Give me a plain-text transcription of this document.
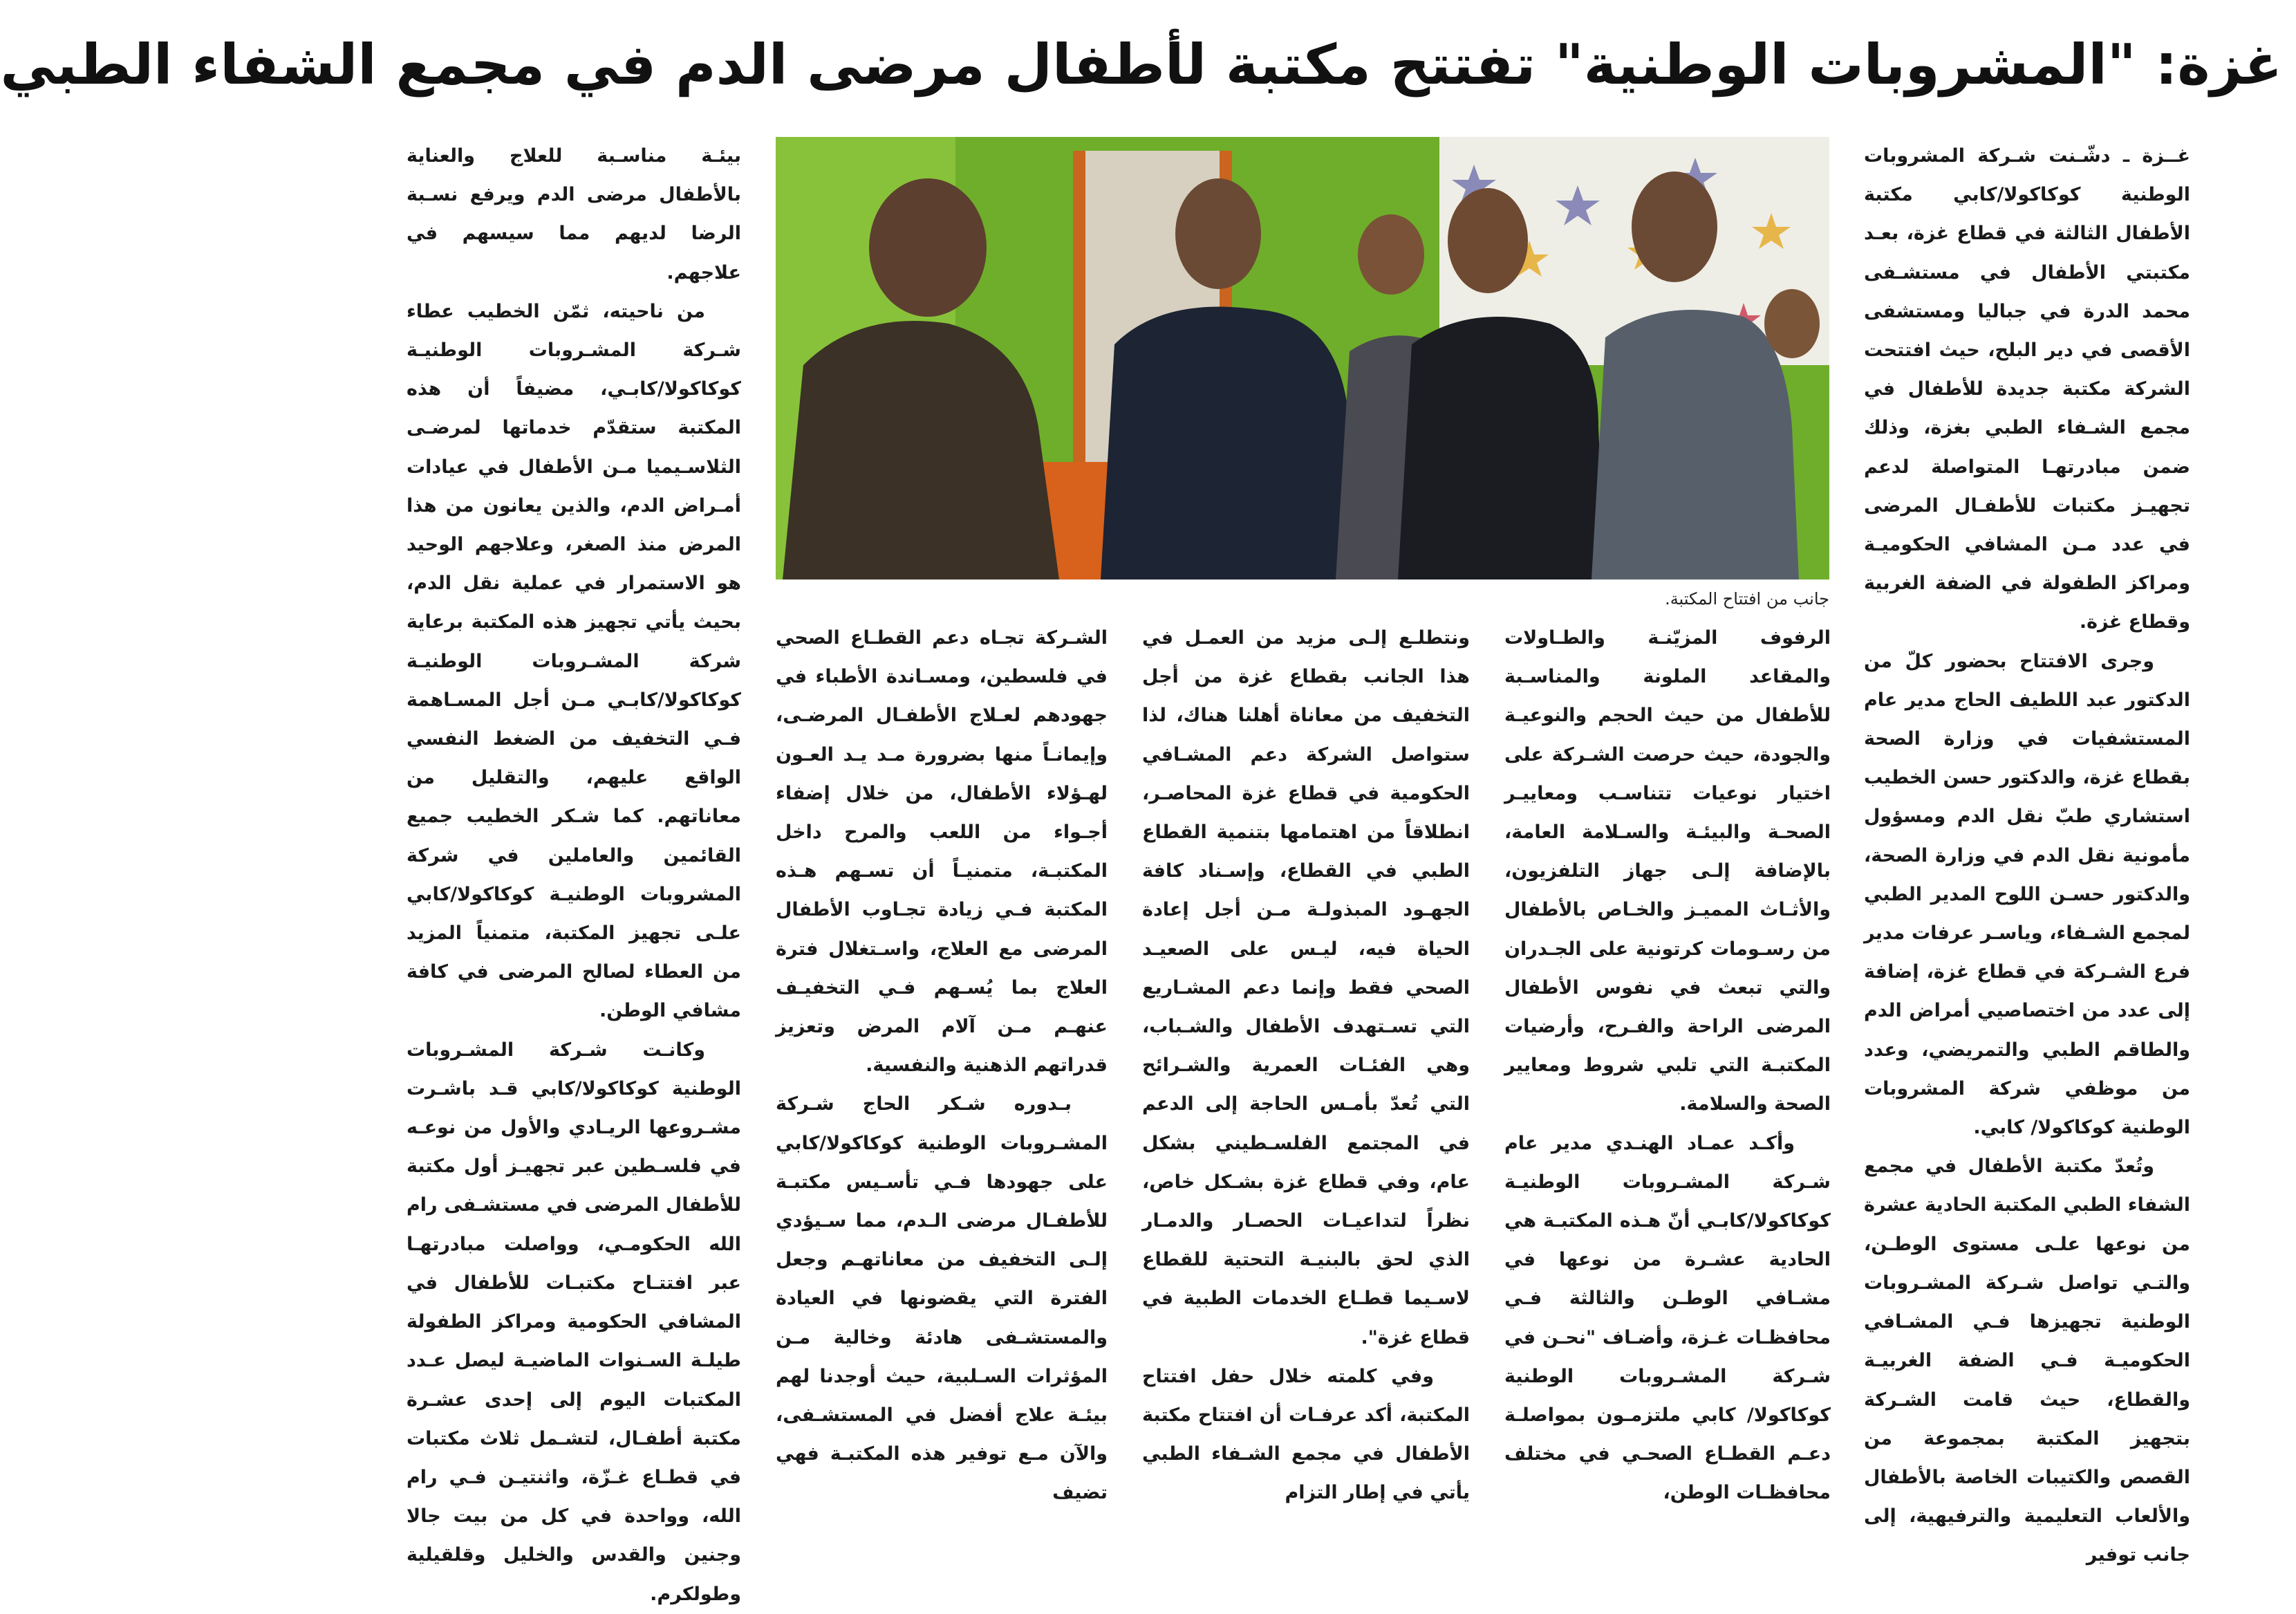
غزة: "المشروبات الوطنية" تفتتح مكتبة لأطفال مرضى الدم في مجمع الشفاء الطبي

غــزة ـ دشّـنت شـركة المشروبات الوطنية كوكاكولا/كابي مكتبة الأطفال الثالثة في قطاع غزة، بعـد مكتبتي الأطفال في مستشـفى محمد الدرة في جباليا ومستشفى الأقصى في دير البلح، حيث افتتحت الشركة مكتبة جديدة للأطفال في مجمع الشـفاء الطبي بغزة، وذلك ضمن مبادرتهـا المتواصلة لدعم تجهيـز مكتبات للأطفـال المرضى في عدد مـن المشافي الحكوميـة ومراكز الطفولة في الضفة الغربية وقطاع غزة.

وجرى الافتتاح بحضور كلّ من الدكتور عبد اللطيف الحاج مدير عام المستشفيات في وزارة الصحة بقطاع غزة، والدكتور حسن الخطيب استشاري طبّ نقل الدم ومسؤول مأمونية نقل الدم في وزارة الصحة، والدكتور حسـن اللوح المدير الطبي لمجمع الشـفاء، وياسـر عرفات مدير فرع الشـركة في قطاع غزة، إضافة إلى عدد من اختصاصيي أمراض الدم والطاقم الطبي والتمريضي، وعدد من موظفي شركة المشروبات الوطنية كوكاكولا/ كابي.

وتُعدّ مكتبة الأطفال في مجمع الشفاء الطبي المكتبة الحادية عشرة من نوعها علـى مستوى الوطـن، والتـي تواصل شـركة المشـروبات الوطنية تجهيزها فـي المشـافي الحكوميـة فـي الضفة الغربيـة والقطاع، حيث قامت الشـركة بتجهيز المكتبة بمجموعة من القصص والكتيبات الخاصة بالأطفال والألعاب التعليمية والترفيهية، إلى جانب توفير

جانب من افتتاح المكتبة.

الرفوف المزيّنـة والطـاولات والمقاعد الملونة والمناسـبة للأطفال من حيث الحجم والنوعيـة والجودة، حيث حرصت الشـركة على اختيار نوعيات تتناسـب ومعاييـر الصحـة والبيئـة والسـلامة العامة، بالإضافة إلـى جهاز التلفزيون، والأثـاث المميـز والخـاص بالأطفال من رسـومات كرتونية على الجـدران والتي تبعث في نفوس الأطفال المرضى الراحة والفـرح، وأرضيات المكتبـة التي تلبي شروط ومعايير الصحة والسلامة.

وأكـد عمـاد الهنـدي مدير عام شـركة المشـروبات الوطنيـة كوكاكولا/كابـي أنّ هـذه المكتبـة هي الحادية عشـرة من نوعها في مشـافي الوطـن والثالثة فـي محافظـات غـزة، وأضـاف "نحـن في شـركة المشـروبات الوطنية كوكاكولا/ كابي ملتزمـون بمواصلـة دعـم القطـاع الصحـي في مختلف محافظـات الوطن،

ونتطلـع إلـى مزيد من العمـل في هذا الجانب بقطاع غزة من أجل التخفيف من معاناة أهلنا هناك، لذا ستواصل الشركة دعم المشـافي الحكومية في قطاع غزة المحاصـر، انطلاقاً من اهتمامها بتنمية القطاع الطبي في القطاع، وإسـناد كافة الجهـود المبذولـة مـن أجل إعادة الحياة فيه، ليـس على الصعيـد الصحي فقط وإنما دعم المشـاريع التي تسـتهدف الأطفال والشـباب، وهي الفئـات العمرية والشـرائح التي تُعدّ بأمـس الحاجة إلى الدعم في المجتمع الفلسـطيني بشكل عام، وفي قطاع غزة بشـكل خاص، نظراً لتداعيـات الحصـار والدمـار الذي لحق بالبنيـة التحتية للقطاع لاسـيما قطـاع الخدمات الطبية في قطاع غزة".

وفي كلمته خلال حفل افتتاح المكتبة، أكد عرفـات أن افتتاح مكتبة الأطفال في مجمع الشـفاء الطبي يأتي في إطار التزام

الشـركة تجـاه دعم القطـاع الصحي في فلسطين، ومسـاندة الأطباء في جهودهم لعـلاج الأطفـال المرضـى، وإيمانـاً منها بضرورة مـد يـد العـون لهـؤلاء الأطفال، من خلال إضفاء أجـواء من اللعب والمرح داخل المكتبـة، متمنيـاً أن تسـهم هـذه المكتبة فـي زيادة تجـاوب الأطفال المرضى مع العلاج، واسـتغلال فترة العلاج بما يُسـهم فـي التخفيـف عنهـم مـن آلام المرض وتعزيز قدراتهم الذهنية والنفسية.

بـدوره شـكر الحاج شـركة المشـروبات الوطنية كوكاكولا/كابي على جهودها فـي تأسـيس مكتبـة للأطفـال مرضى الـدم، مما سـيؤدي إلـى التخفيف من معاناتهـم وجعل الفترة التي يقضونها في العيادة والمستشـفى هادئة وخالية مـن المؤثرات السـلبية، حيث أوجدنا لهم بيئـة علاج أفضل في المستشـفى، والآن مـع توفير هذه المكتبـة فهي تضيف

بيئـة مناسـبة للعلاج والعناية بالأطفال مرضى الدم ويرفع نسـبة الرضا لديهم مما سيسهم في علاجهم.

من ناحيته، ثمّن الخطيب عطاء شـركة المشـروبات الوطنيـة كوكاكولا/كابـي، مضيفاً أن هذه المكتبة ستقدّم خدماتها لمرضـى الثلاسـيميا مـن الأطفال في عيادات أمـراض الدم، والذين يعانون من هذا المرض منذ الصغر، وعلاجهم الوحيد هو الاستمرار في عملية نقل الدم، بحيث يأتي تجهيز هذه المكتبة برعاية شركة المشـروبات الوطنيـة كوكاكولا/كابـي مـن أجل المسـاهمة فـي التخفيف من الضغط النفسي الواقع عليهم، والتقليل من معاناتهم. كما شـكر الخطيب جميع القائمين والعاملين في شركة المشروبات الوطنيـة كوكاكولا/كابي علـى تجهيز المكتبة، متمنياً المزيد من العطاء لصالح المرضى في كافة مشافي الوطن.

وكانـت شـركة المشـروبات الوطنية كوكاكولا/كابي قـد باشـرت مشـروعها الريـادي والأول من نوعـه في فلسـطين عبر تجهيـز أول مكتبة للأطفال المرضى في مستشـفى رام الله الحكومـي، وواصلت مبادرتهـا عبر افتتـاح مكتبـات للأطفال في المشافي الحكومية ومراكز الطفولة طيلـة السـنوات الماضيـة ليصل عـدد المكتبات اليوم إلى إحدى عشـرة مكتبة أطفـال، لتشـمل ثلاث مكتبات في قطـاع غـزّة، واثنتيـن فـي رام الله، وواحدة في كل من بيت جالا وجنين والقدس والخليل وقلقيلية وطولكرم.
